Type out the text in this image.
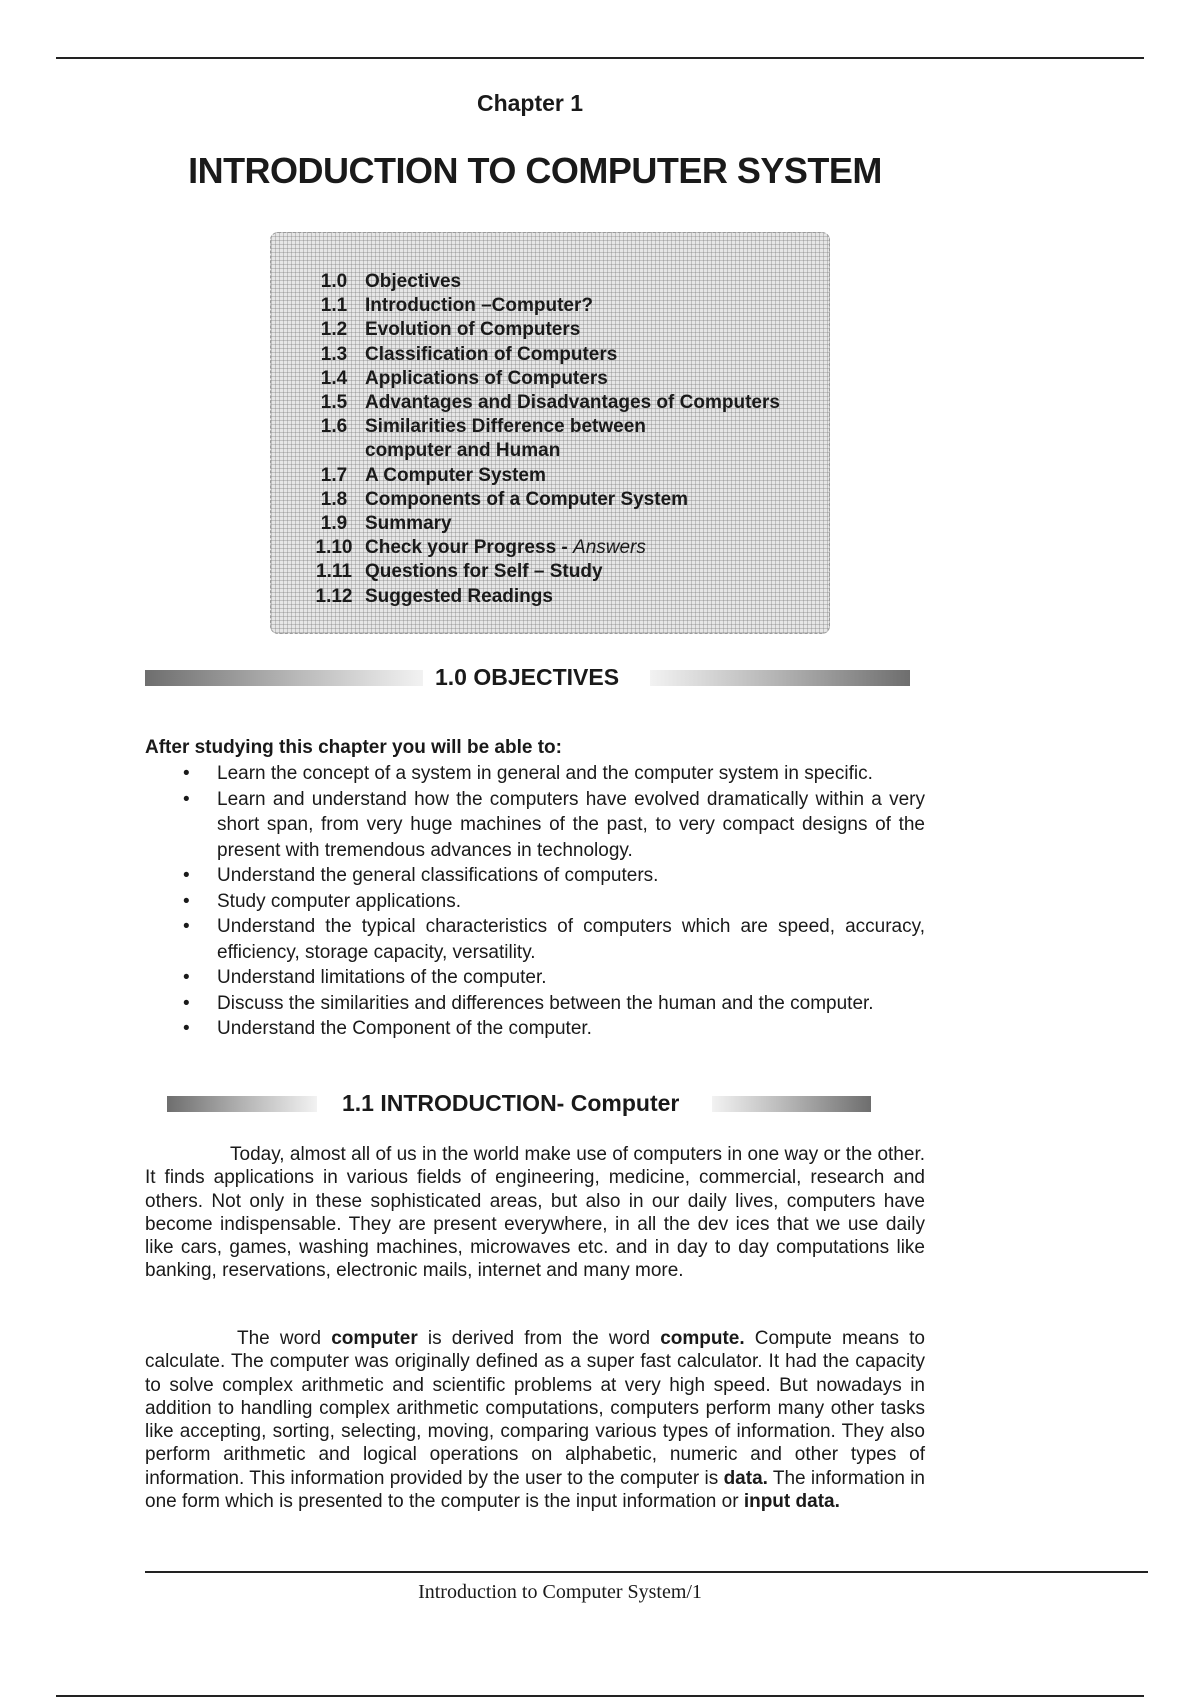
Chapter 1
INTRODUCTION TO COMPUTER SYSTEM
1.0 Objectives
1.1 Introduction –Computer?
1.2 Evolution of Computers
1.3 Classification of Computers
1.4 Applications of Computers
1.5 Advantages and Disadvantages of Computers
1.6 Similarities Difference between
computer and Human
1.7 A Computer System
1.8 Components of a Computer System
1.9 Summary
1.10 Check your Progress - Answers
1.11 Questions for Self – Study
1.12 Suggested Readings
1.0 OBJECTIVES
After studying this chapter you will be able to:
• Learn the concept of a system in general and the computer system in specific.
• Learn and understand how the computers have evolved dramatically within a very short span, from very huge machines of the past, to very compact designs of the present with tremendous advances in technology.
• Understand the general classifications of computers.
• Study computer applications.
• Understand the typical characteristics of computers which are speed, accuracy, efficiency, storage capacity, versatility.
• Understand limitations of the computer.
• Discuss the similarities and differences between the human and the computer.
• Understand the Component of the computer.
1.1 INTRODUCTION- Computer

Today, almost all of us in the world make use of computers in one way or the other. It finds applications in various fields of engineering, medicine, commercial, research and others. Not only in these sophisticated areas, but also in our daily lives, computers have become indispensable. They are present everywhere, in all the dev ices that we use daily like cars, games, washing machines, microwaves etc. and in day to day computations like banking, reservations, electronic mails, internet and many more.

The word computer is derived from the word compute. Compute means to calculate. The computer was originally defined as a super fast calculator. It had the capacity to solve complex arithmetic and scientific problems at very high speed. But nowadays in addition to handling complex arithmetic computations, computers perform many other tasks like accepting, sorting, selecting, moving, comparing various types of information. They also perform arithmetic and logical operations on alphabetic, numeric and other types of information. This information provided by the user to the computer is data. The information in one form which is presented to the computer is the input information or input data.

Introduction to Computer System/1
